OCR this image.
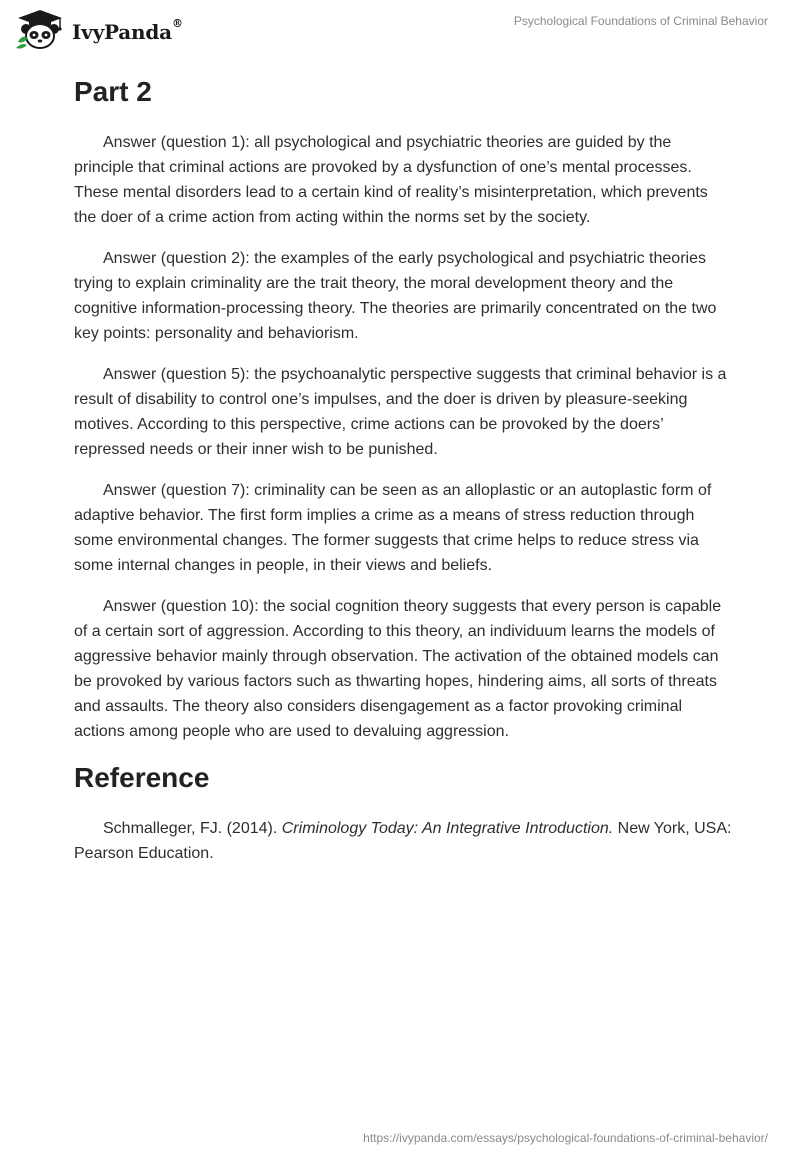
IvyPanda®	Psychological Foundations of Criminal Behavior
Part 2

Answer (question 1): all psychological and psychiatric theories are guided by the principle that criminal actions are provoked by a dysfunction of one’s mental processes. These mental disorders lead to a certain kind of reality’s misinterpretation, which prevents the doer of a crime action from acting within the norms set by the society.

Answer (question 2): the examples of the early psychological and psychiatric theories trying to explain criminality are the trait theory, the moral development theory and the cognitive information-processing theory. The theories are primarily concentrated on the two key points: personality and behaviorism.

Answer (question 5): the psychoanalytic perspective suggests that criminal behavior is a result of disability to control one’s impulses, and the doer is driven by pleasure-seeking motives. According to this perspective, crime actions can be provoked by the doers’ repressed needs or their inner wish to be punished.

Answer (question 7): criminality can be seen as an alloplastic or an autoplastic form of adaptive behavior. The first form implies a crime as a means of stress reduction through some environmental changes. The former suggests that crime helps to reduce stress via some internal changes in people, in their views and beliefs.

Answer (question 10): the social cognition theory suggests that every person is capable of a certain sort of aggression. According to this theory, an individuum learns the models of aggressive behavior mainly through observation. The activation of the obtained models can be provoked by various factors such as thwarting hopes, hindering aims, all sorts of threats and assaults. The theory also considers disengagement as a factor provoking criminal actions among people who are used to devaluing aggression.

Reference

Schmalleger, FJ. (2014). Criminology Today: An Integrative Introduction. New York, USA: Pearson Education.

https://ivypanda.com/essays/psychological-foundations-of-criminal-behavior/
